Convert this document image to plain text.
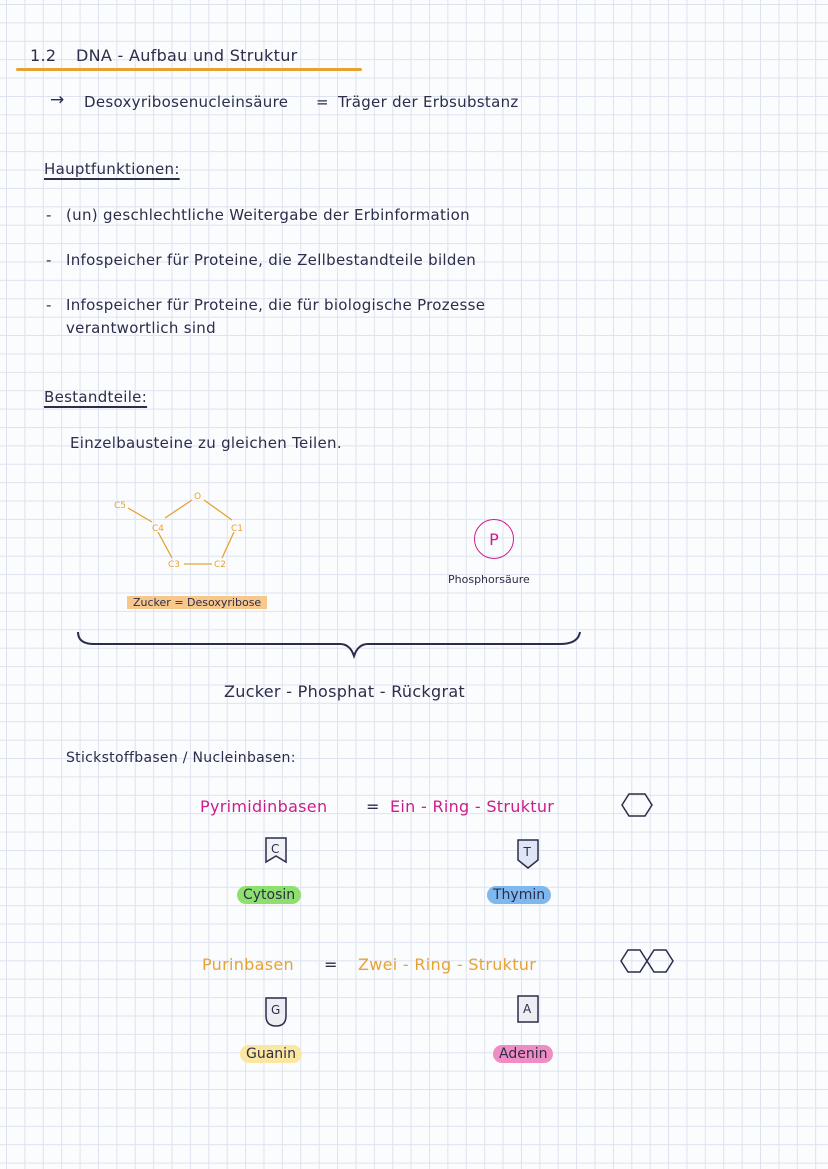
1.2 DNA - Aufbau und Struktur
→ Desoxyribosenucleinsäure = Träger der Erbsubstanz
Hauptfunktionen:
- (un) geschlechtliche Weitergabe der Erbinformation
- Infospeicher für Proteine, die Zellbestandteile bilden
- Infospeicher für Proteine, die für biologische Prozesse
verantwortlich sind
Bestandteile:
Einzelbausteine zu gleichen Teilen.
C5
C4
O
C1
C3	C2
Zucker = Desoxyribose
P
Phosphorsäure
Zucker - Phosphat - Rückgrat
Stickstoffbasen / Nucleinbasen:
Pyrimidinbasen = Ein - Ring - Struktur
C
Cytosin
T
Thymin
Purinbasen = Zwei - Ring - Struktur
G
Guanin
A
Adenin
